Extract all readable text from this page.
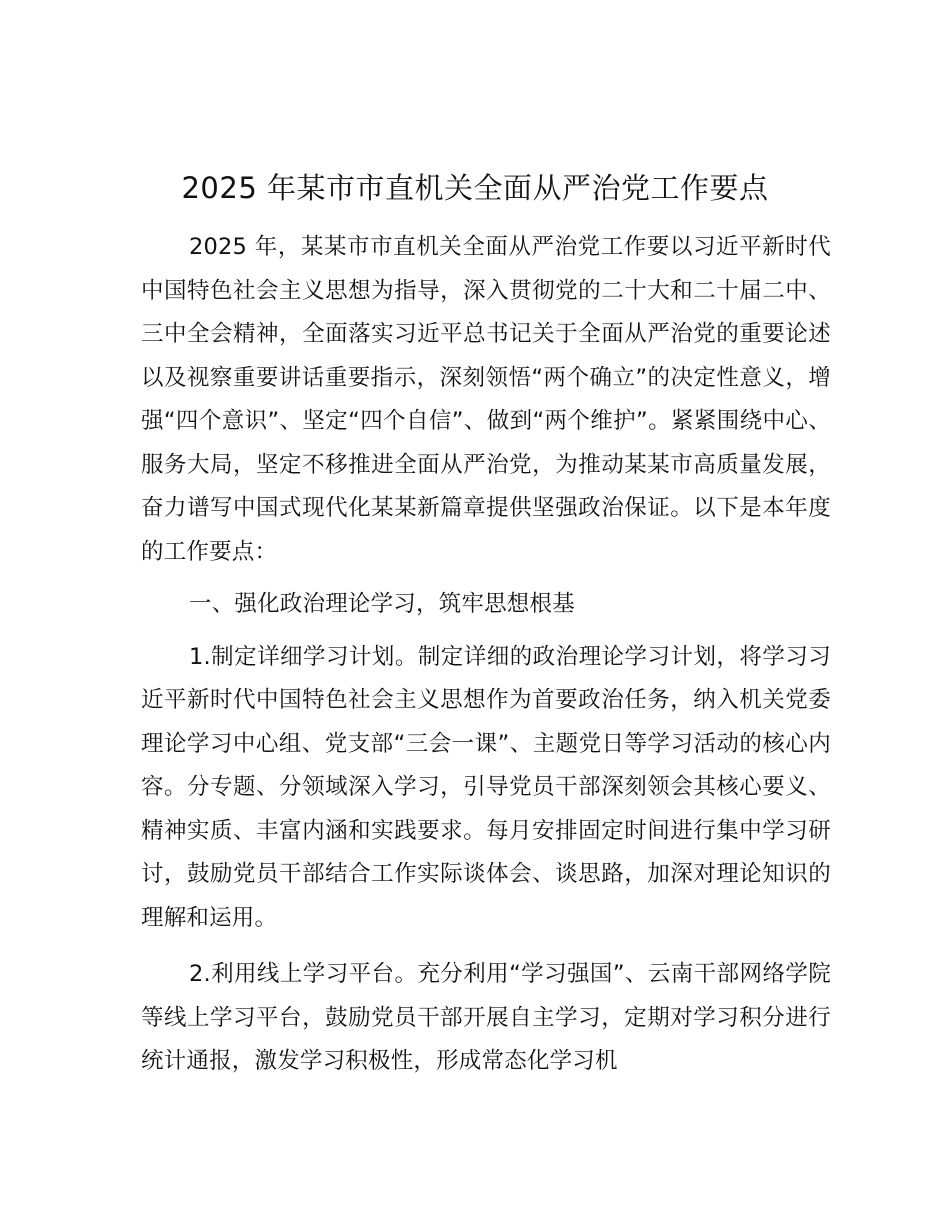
2025 年某市市直机关全面从严治党工作要点

2025 年，某某市市直机关全面从严治党工作要以习近平新时代中国特色社会主义思想为指导，深入贯彻党的二十大和二十届二中、三中全会精神，全面落实习近平总书记关于全面从严治党的重要论述以及视察重要讲话重要指示，深刻领悟“两个确立”的决定性意义，增强“四个意识”、坚定“四个自信”、做到“两个维护”。紧紧围绕中心、服务大局，坚定不移推进全面从严治党，为推动某某市高质量发展，奋力谱写中国式现代化某某新篇章提供坚强政治保证。以下是本年度的工作要点：

一、强化政治理论学习，筑牢思想根基

1.制定详细学习计划。制定详细的政治理论学习计划，将学习习近平新时代中国特色社会主义思想作为首要政治任务，纳入机关党委理论学习中心组、党支部“三会一课”、主题党日等学习活动的核心内容。分专题、分领域深入学习，引导党员干部深刻领会其核心要义、精神实质、丰富内涵和实践要求。每月安排固定时间进行集中学习研讨，鼓励党员干部结合工作实际谈体会、谈思路，加深对理论知识的理解和运用。

2.利用线上学习平台。充分利用“学习强国”、云南干部网络学院等线上学习平台，鼓励党员干部开展自主学习，定期对学习积分进行统计通报，激发学习积极性，形成常态化学习机
